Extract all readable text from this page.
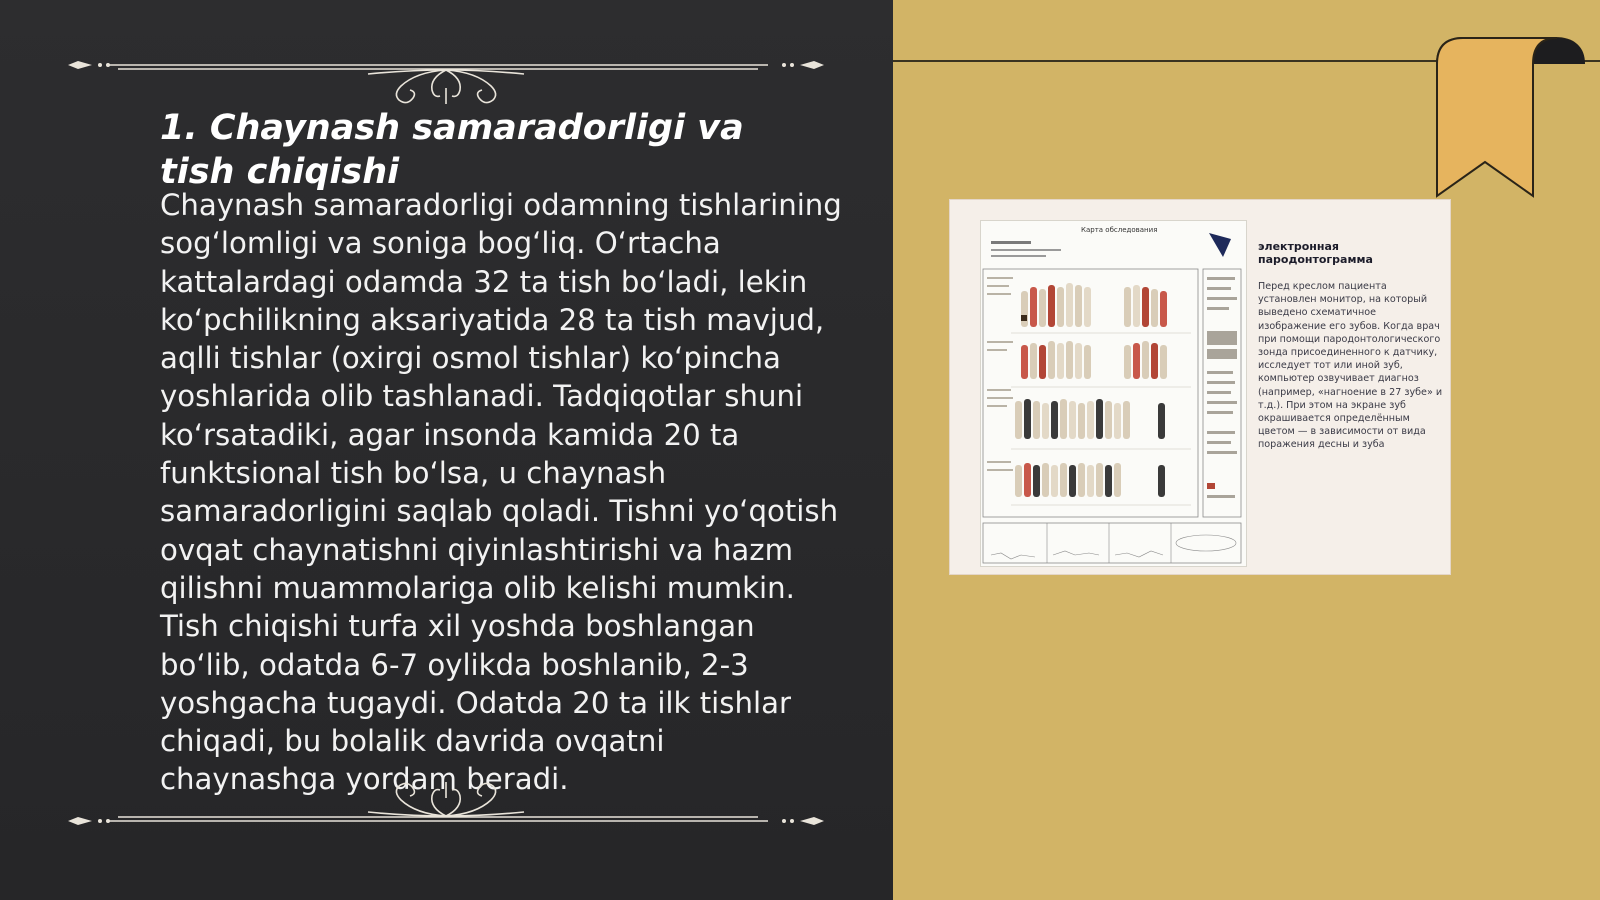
1. Chaynash samaradorligi va tish chiqishi

Chaynash samaradorligi odamning tishlarining sog‘lomligi va soniga bog‘liq. O‘rtacha kattalardagi odamda 32 ta tish bo‘ladi, lekin ko‘pchilikning aksariyatida 28 ta tish mavjud, aqlli tishlar (oxirgi osmol tishlar) ko‘pincha yoshlarida olib tashlanadi. Tadqiqotlar shuni ko‘rsatadiki, agar insonda kamida 20 ta funktsional tish bo‘lsa, u chaynash samaradorligini saqlab qoladi. Tishni yo‘qotish ovqat chaynatishni qiyinlashtirishi va hazm qilishni muammolariga olib kelishi mumkin. Tish chiqishi turfa xil yoshda boshlangan bo‘lib, odatda 6-7 oylikda boshlanib, 2-3 yoshgacha tugaydi. Odatda 20 ta ilk tishlar chiqadi, bu bolalik davrida ovqatni chaynashga yordam beradi.

Карта обследования

электронная пародонтограмма

Перед креслом пациента установлен монитор, на который выведено схематичное изображение его зубов. Когда врач при помощи пародонтологического зонда присоединенного к датчику, исследует тот или иной зуб, компьютер озвучивает диагноз (например, «нагноение в 27 зубе» и т.д.). При этом на экране зуб окрашивается определённым цветом — в зависимости от вида поражения десны и зуба
